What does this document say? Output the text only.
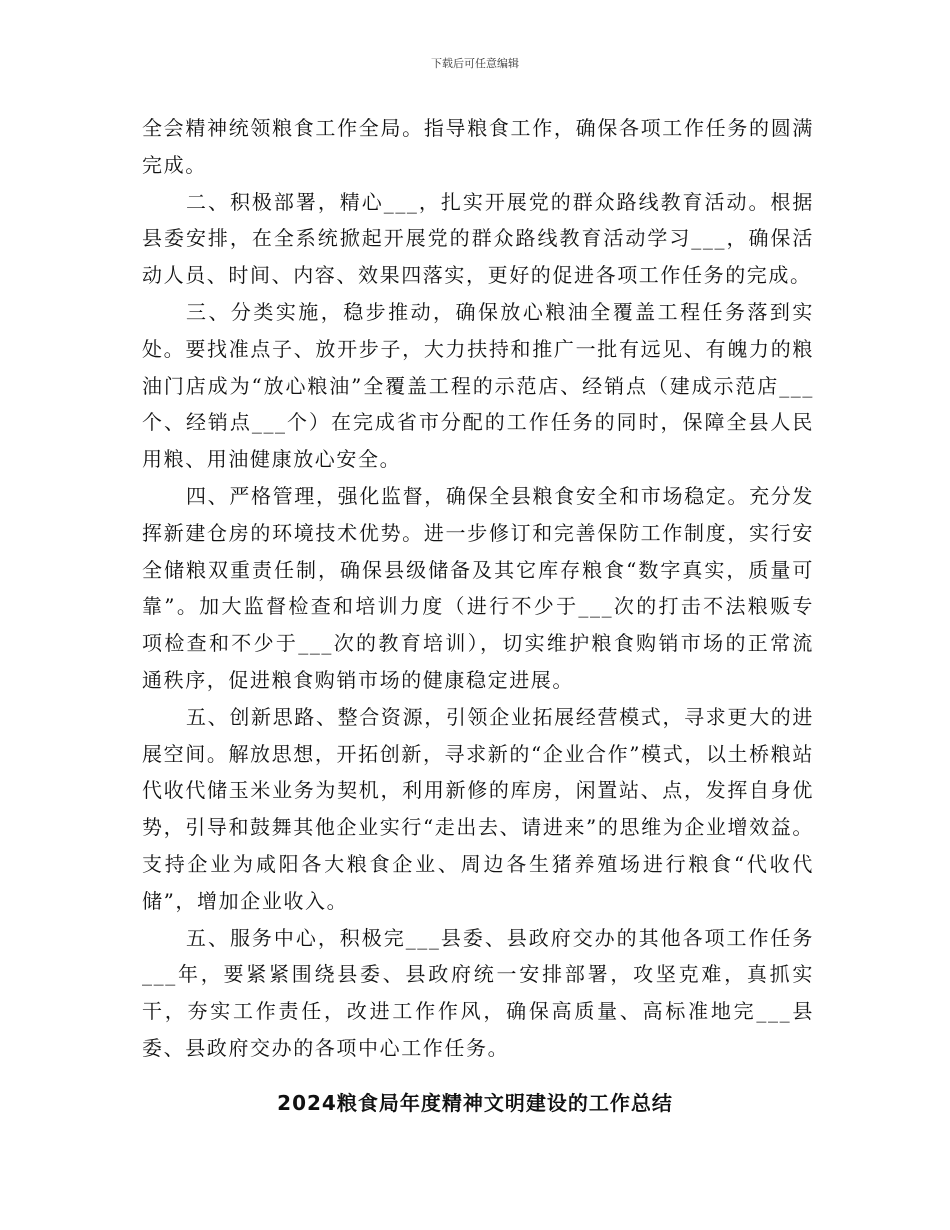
下载后可任意编辑

全会精神统领粮食工作全局。指导粮食工作，确保各项工作任务的圆满完成。

二、积极部署，精心___，扎实开展党的群众路线教育活动。根据县委安排，在全系统掀起开展党的群众路线教育活动学习___，确保活动人员、时间、内容、效果四落实，更好的促进各项工作任务的完成。

三、分类实施，稳步推动，确保放心粮油全覆盖工程任务落到实处。要找准点子、放开步子，大力扶持和推广一批有远见、有魄力的粮油门店成为“放心粮油”全覆盖工程的示范店、经销点（建成示范店___个、经销点___个）在完成省市分配的工作任务的同时，保障全县人民用粮、用油健康放心安全。

四、严格管理，强化监督，确保全县粮食安全和市场稳定。充分发挥新建仓房的环境技术优势。进一步修订和完善保防工作制度，实行安全储粮双重责任制，确保县级储备及其它库存粮食“数字真实，质量可靠”。加大监督检查和培训力度（进行不少于___次的打击不法粮贩专项检查和不少于___次的教育培训），切实维护粮食购销市场的正常流通秩序，促进粮食购销市场的健康稳定进展。

五、创新思路、整合资源，引领企业拓展经营模式，寻求更大的进展空间。解放思想，开拓创新，寻求新的“企业合作”模式，以土桥粮站代收代储玉米业务为契机，利用新修的库房，闲置站、点，发挥自身优势，引导和鼓舞其他企业实行“走出去、请进来”的思维为企业增效益。支持企业为咸阳各大粮食企业、周边各生猪养殖场进行粮食“代收代储”，增加企业收入。

五、服务中心，积极完___县委、县政府交办的其他各项工作任务___年，要紧紧围绕县委、县政府统一安排部署，攻坚克难，真抓实干，夯实工作责任，改进工作作风，确保高质量、高标准地完___县委、县政府交办的各项中心工作任务。

2024粮食局年度精神文明建设的工作总结
